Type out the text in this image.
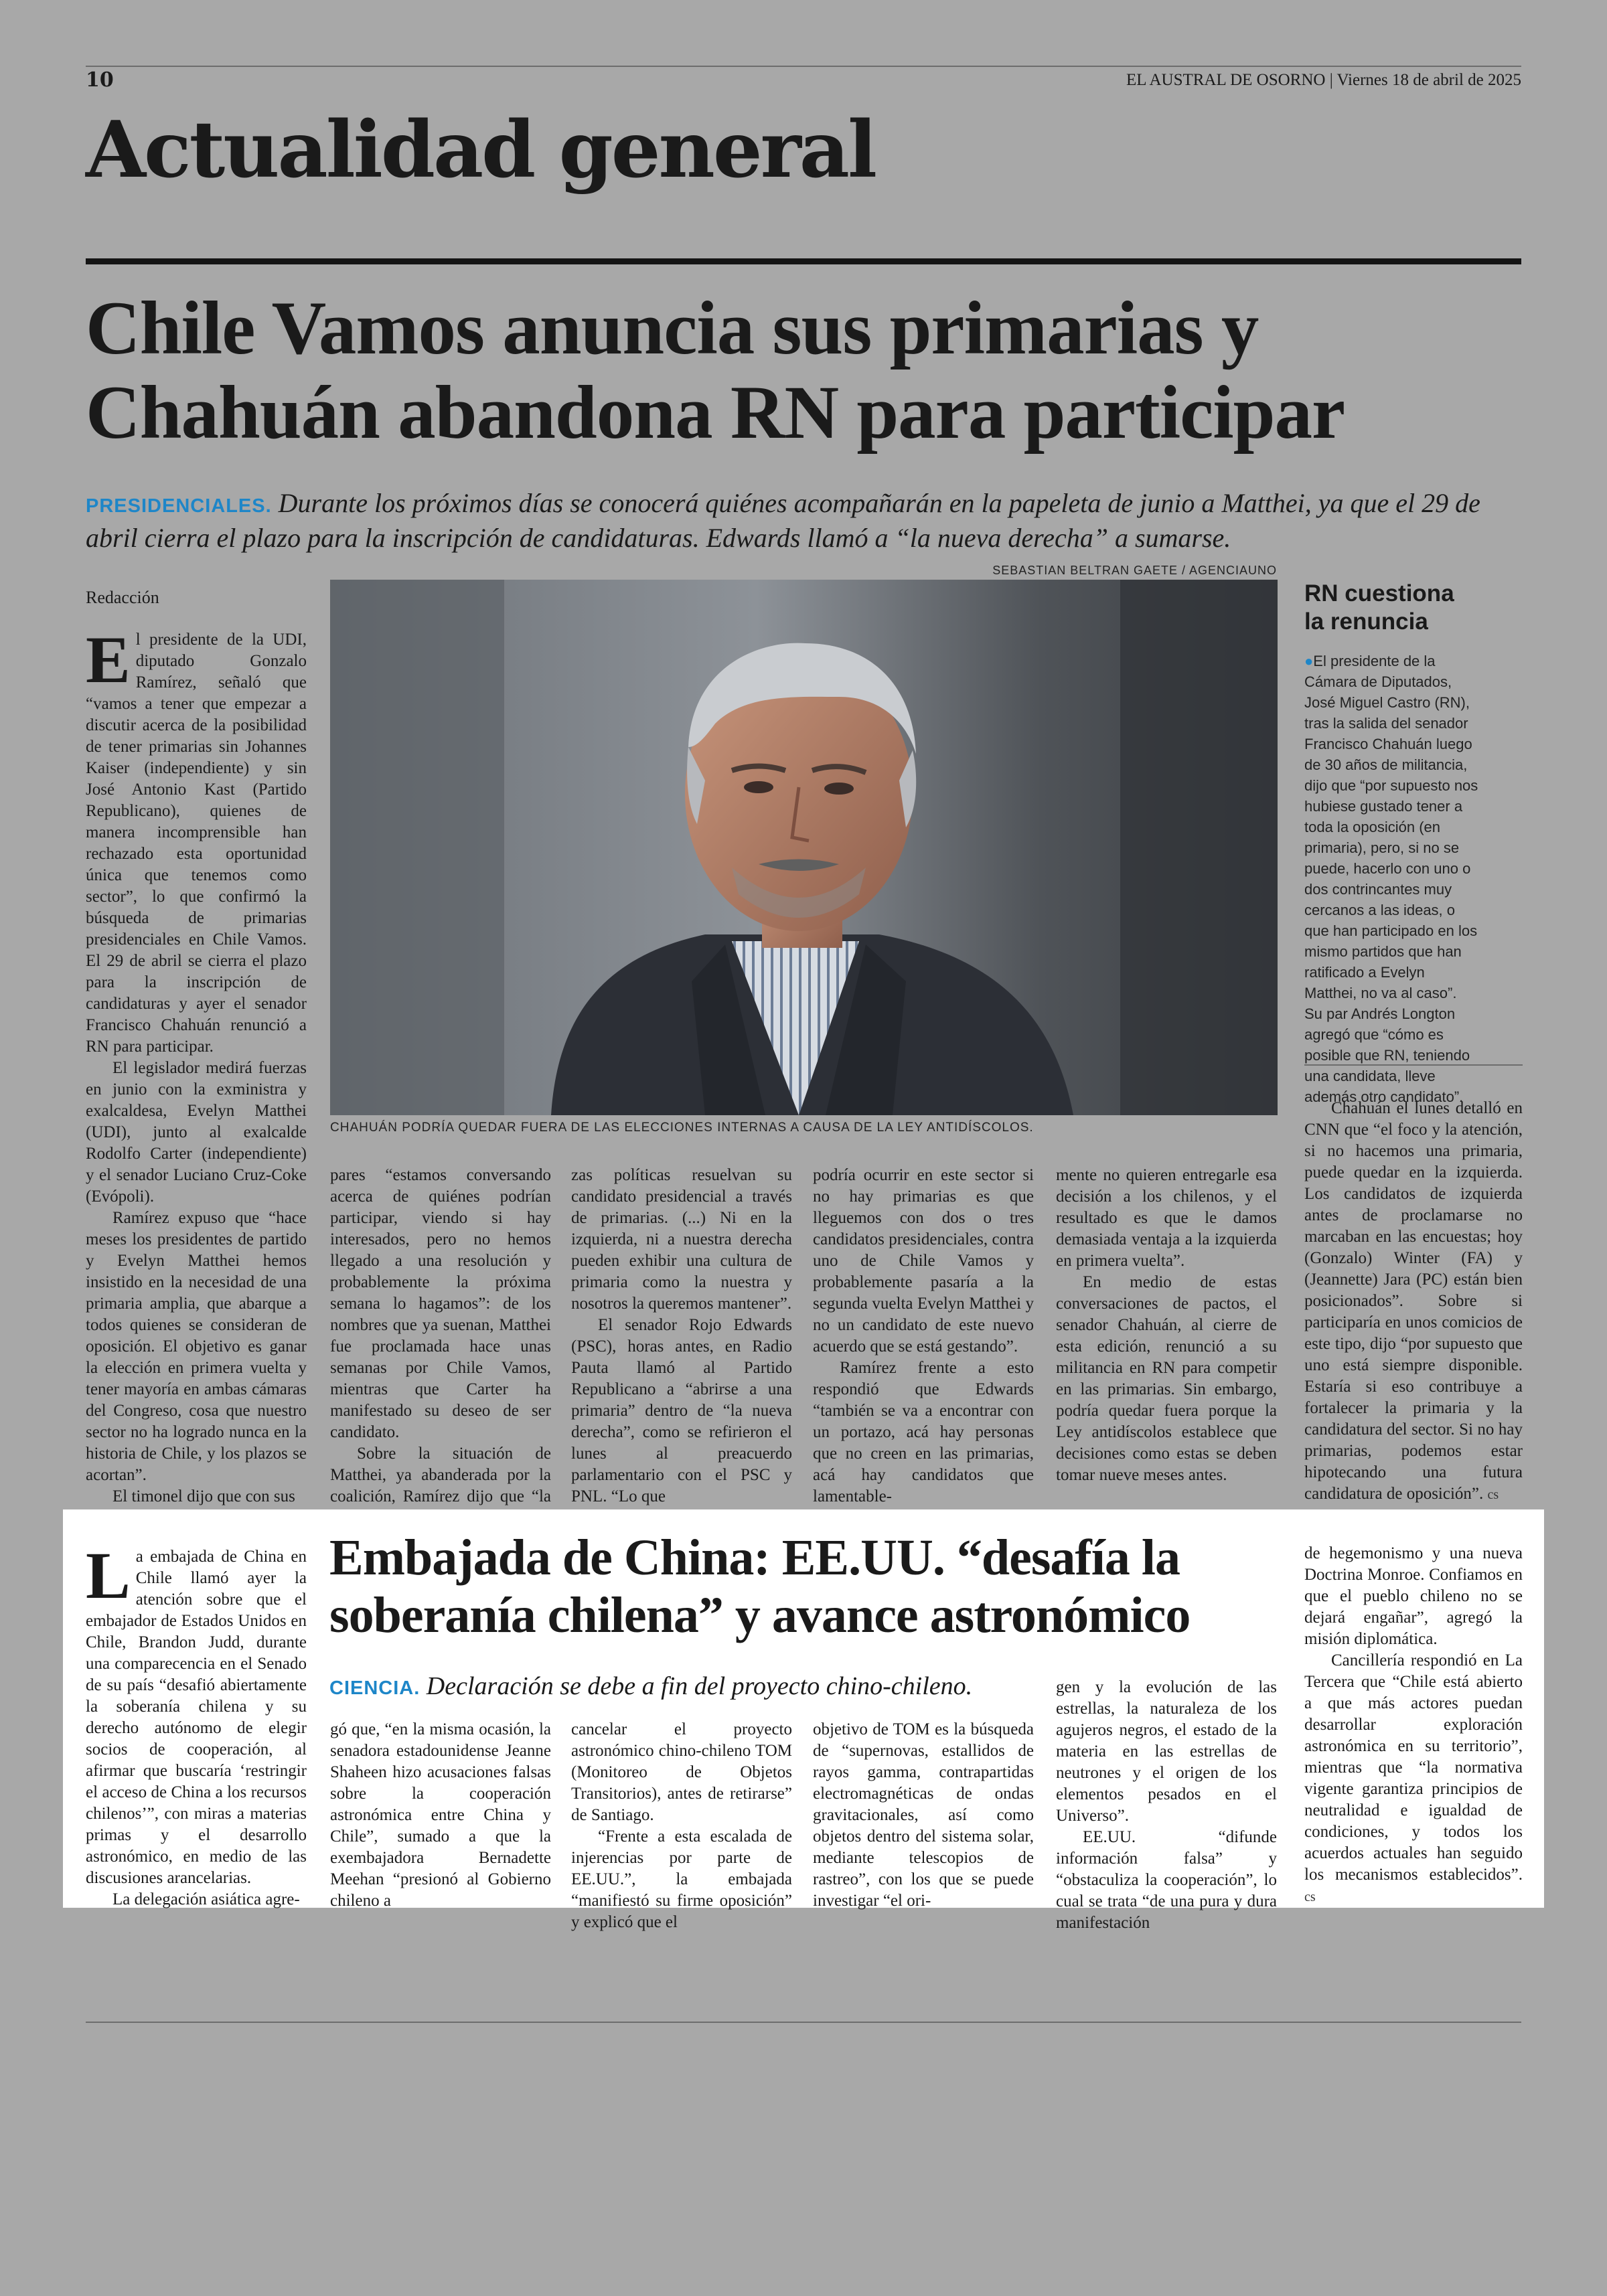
10	EL AUSTRAL DE OSORNO | Viernes 18 de abril de 2025
Actualidad general
Chile Vamos anuncia sus primarias y Chahuán abandona RN para participar
PRESIDENCIALES. Durante los próximos días se conocerá quiénes acompañarán en la papeleta de junio a Matthei, ya que el 29 de abril cierra el plazo para la inscripción de candidaturas. Edwards llamó a “la nueva derecha” a sumarse.
SEBASTIAN BELTRAN GAETE / AGENCIAUNO
CHAHUÁN PODRÍA QUEDAR FUERA DE LAS ELECCIONES INTERNAS A CAUSA DE LA LEY ANTIDÍSCOLOS.
Redacción

El presidente de la UDI, diputado Gonzalo Ramírez, señaló que “vamos a tener que empezar a discutir acerca de la posibilidad de tener primarias sin Johannes Kaiser (independiente) y sin José Antonio Kast (Partido Republicano), quienes de manera incomprensible han rechazado esta oportunidad única que tenemos como sector”, lo que confirmó la búsqueda de primarias presidenciales en Chile Vamos. El 29 de abril se cierra el plazo para la inscripción de candidaturas y ayer el senador Francisco Chahuán renunció a RN para participar.

El legislador medirá fuerzas en junio con la exministra y exalcaldesa, Evelyn Matthei (UDI), junto al exalcalde Rodolfo Carter (independiente) y el senador Luciano Cruz-Coke (Evópoli).

Ramírez expuso que “hace meses los presidentes de partido y Evelyn Matthei hemos insistido en la necesidad de una primaria amplia, que abarque a todos quienes se consideran de oposición. El objetivo es ganar la elección en primera vuelta y tener mayoría en ambas cámaras del Congreso, cosa que nuestro sector no ha logrado nunca en la historia de Chile, y los plazos se acortan”.

El timonel dijo que con sus

pares “estamos conversando acerca de quiénes podrían participar, viendo si hay interesados, pero no hemos llegado a una resolución y probablemente la próxima semana lo hagamos”: de los nombres que ya suenan, Matthei fue proclamada hace unas semanas por Chile Vamos, mientras que Carter ha manifestado su deseo de ser candidato.

Sobre la situación de Matthei, ya abanderada por la coalición, Ramírez dijo que “la

zas políticas resuelvan su candidato presidencial a través de primarias. (...) Ni en la izquierda, ni a nuestra derecha pueden exhibir una cultura de primaria como la nuestra y nosotros la queremos mantener”.

El senador Rojo Edwards (PSC), horas antes, en Radio Pauta llamó al Partido Republicano a “abrirse a una primaria” dentro de “la nueva derecha”, como se refirieron el lunes al preacuerdo parlamentario con el PSC y PNL. “Lo que

podría ocurrir en este sector si no hay primarias es que lleguemos con dos o tres candidatos presidenciales, contra uno de Chile Vamos y probablemente pasaría a la segunda vuelta Evelyn Matthei y no un candidato de este nuevo acuerdo que se está gestando”.

Ramírez frente a esto respondió que Edwards “también se va a encontrar con un portazo, acá hay personas que no creen en las primarias, acá hay candidatos que lamentable-

mente no quieren entregarle esa decisión a los chilenos, y el resultado es que le damos demasiada ventaja a la izquierda en primera vuelta”.

En medio de estas conversaciones de pactos, el senador Chahuán, al cierre de esta edición, renunció a su militancia en RN para competir en las primarias. Sin embargo, podría quedar fuera porque la Ley antidíscolos establece que decisiones como estas se deben tomar nueve meses antes.

RN cuestiona la renuncia
●El presidente de la Cámara de Diputados, José Miguel Castro (RN), tras la salida del senador Francisco Chahuán luego de 30 años de militancia, dijo que “por supuesto nos hubiese gustado tener a toda la oposición (en primaria), pero, si no se puede, hacerlo con uno o dos contrincantes muy cercanos a las ideas, o que han participado en los mismo partidos que han ratificado a Evelyn Matthei, no va al caso”. Su par Andrés Longton agregó que “cómo es posible que RN, teniendo una candidata, lleve además otro candidato”.

Chahuán el lunes detalló en CNN que “el foco y la atención, si no hacemos una primaria, puede quedar en la izquierda. Los candidatos de izquierda antes de proclamarse no marcaban en las encuestas; hoy (Gonzalo) Winter (FA) y (Jeannette) Jara (PC) están bien posicionados”. Sobre si participaría en unos comicios de este tipo, dijo “por supuesto que uno está siempre disponible. Estaría si eso contribuye a fortalecer la primaria y la candidatura del sector. Si no hay primarias, podemos estar hipotecando una futura candidatura de oposición”. cs

La embajada de China en Chile llamó ayer la atención sobre que el embajador de Estados Unidos en Chile, Brandon Judd, durante una comparecencia en el Senado de su país “desafió abiertamente la soberanía chilena y su derecho autónomo de elegir socios de cooperación, al afirmar que buscaría ‘restringir el acceso de China a los recursos chilenos’”, con miras a materias primas y el desarrollo astronómico, en medio de las discusiones arancelarias.

La delegación asiática agre-

Embajada de China: EE.UU. “desafía la soberanía chilena” y avance astronómico
CIENCIA. Declaración se debe a fin del proyecto chino-chileno.

gó que, “en la misma ocasión, la senadora estadounidense Jeanne Shaheen hizo acusaciones falsas sobre la cooperación astronómica entre China y Chile”, sumado a que la exembajadora Bernadette Meehan “presionó al Gobierno chileno a

cancelar el proyecto astronómico chino-chileno TOM (Monitoreo de Objetos Transitorios), antes de retirarse” de Santiago.

“Frente a esta escalada de injerencias por parte de EE.UU.”, la embajada “manifiestó su firme oposición” y explicó que el

objetivo de TOM es la búsqueda de “supernovas, estallidos de rayos gamma, contrapartidas electromagnéticas de ondas gravitacionales, así como objetos dentro del sistema solar, mediante telescopios de rastreo”, con los que se puede investigar “el ori-

gen y la evolución de las estrellas, la naturaleza de los agujeros negros, el estado de la materia en las estrellas de neutrones y el origen de los elementos pesados en el Universo”.

EE.UU. “difunde información falsa” y “obstaculiza la cooperación”, lo cual se trata “de una pura y dura manifestación

de hegemonismo y una nueva Doctrina Monroe. Confiamos en que el pueblo chileno no se dejará engañar”, agregó la misión diplomática.

Cancillería respondió en La Tercera que “Chile está abierto a que más actores puedan desarrollar exploración astronómica en su territorio”, mientras que “la normativa vigente garantiza principios de neutralidad e igualdad de condiciones, y todos los acuerdos actuales han seguido los mecanismos establecidos”. cs
